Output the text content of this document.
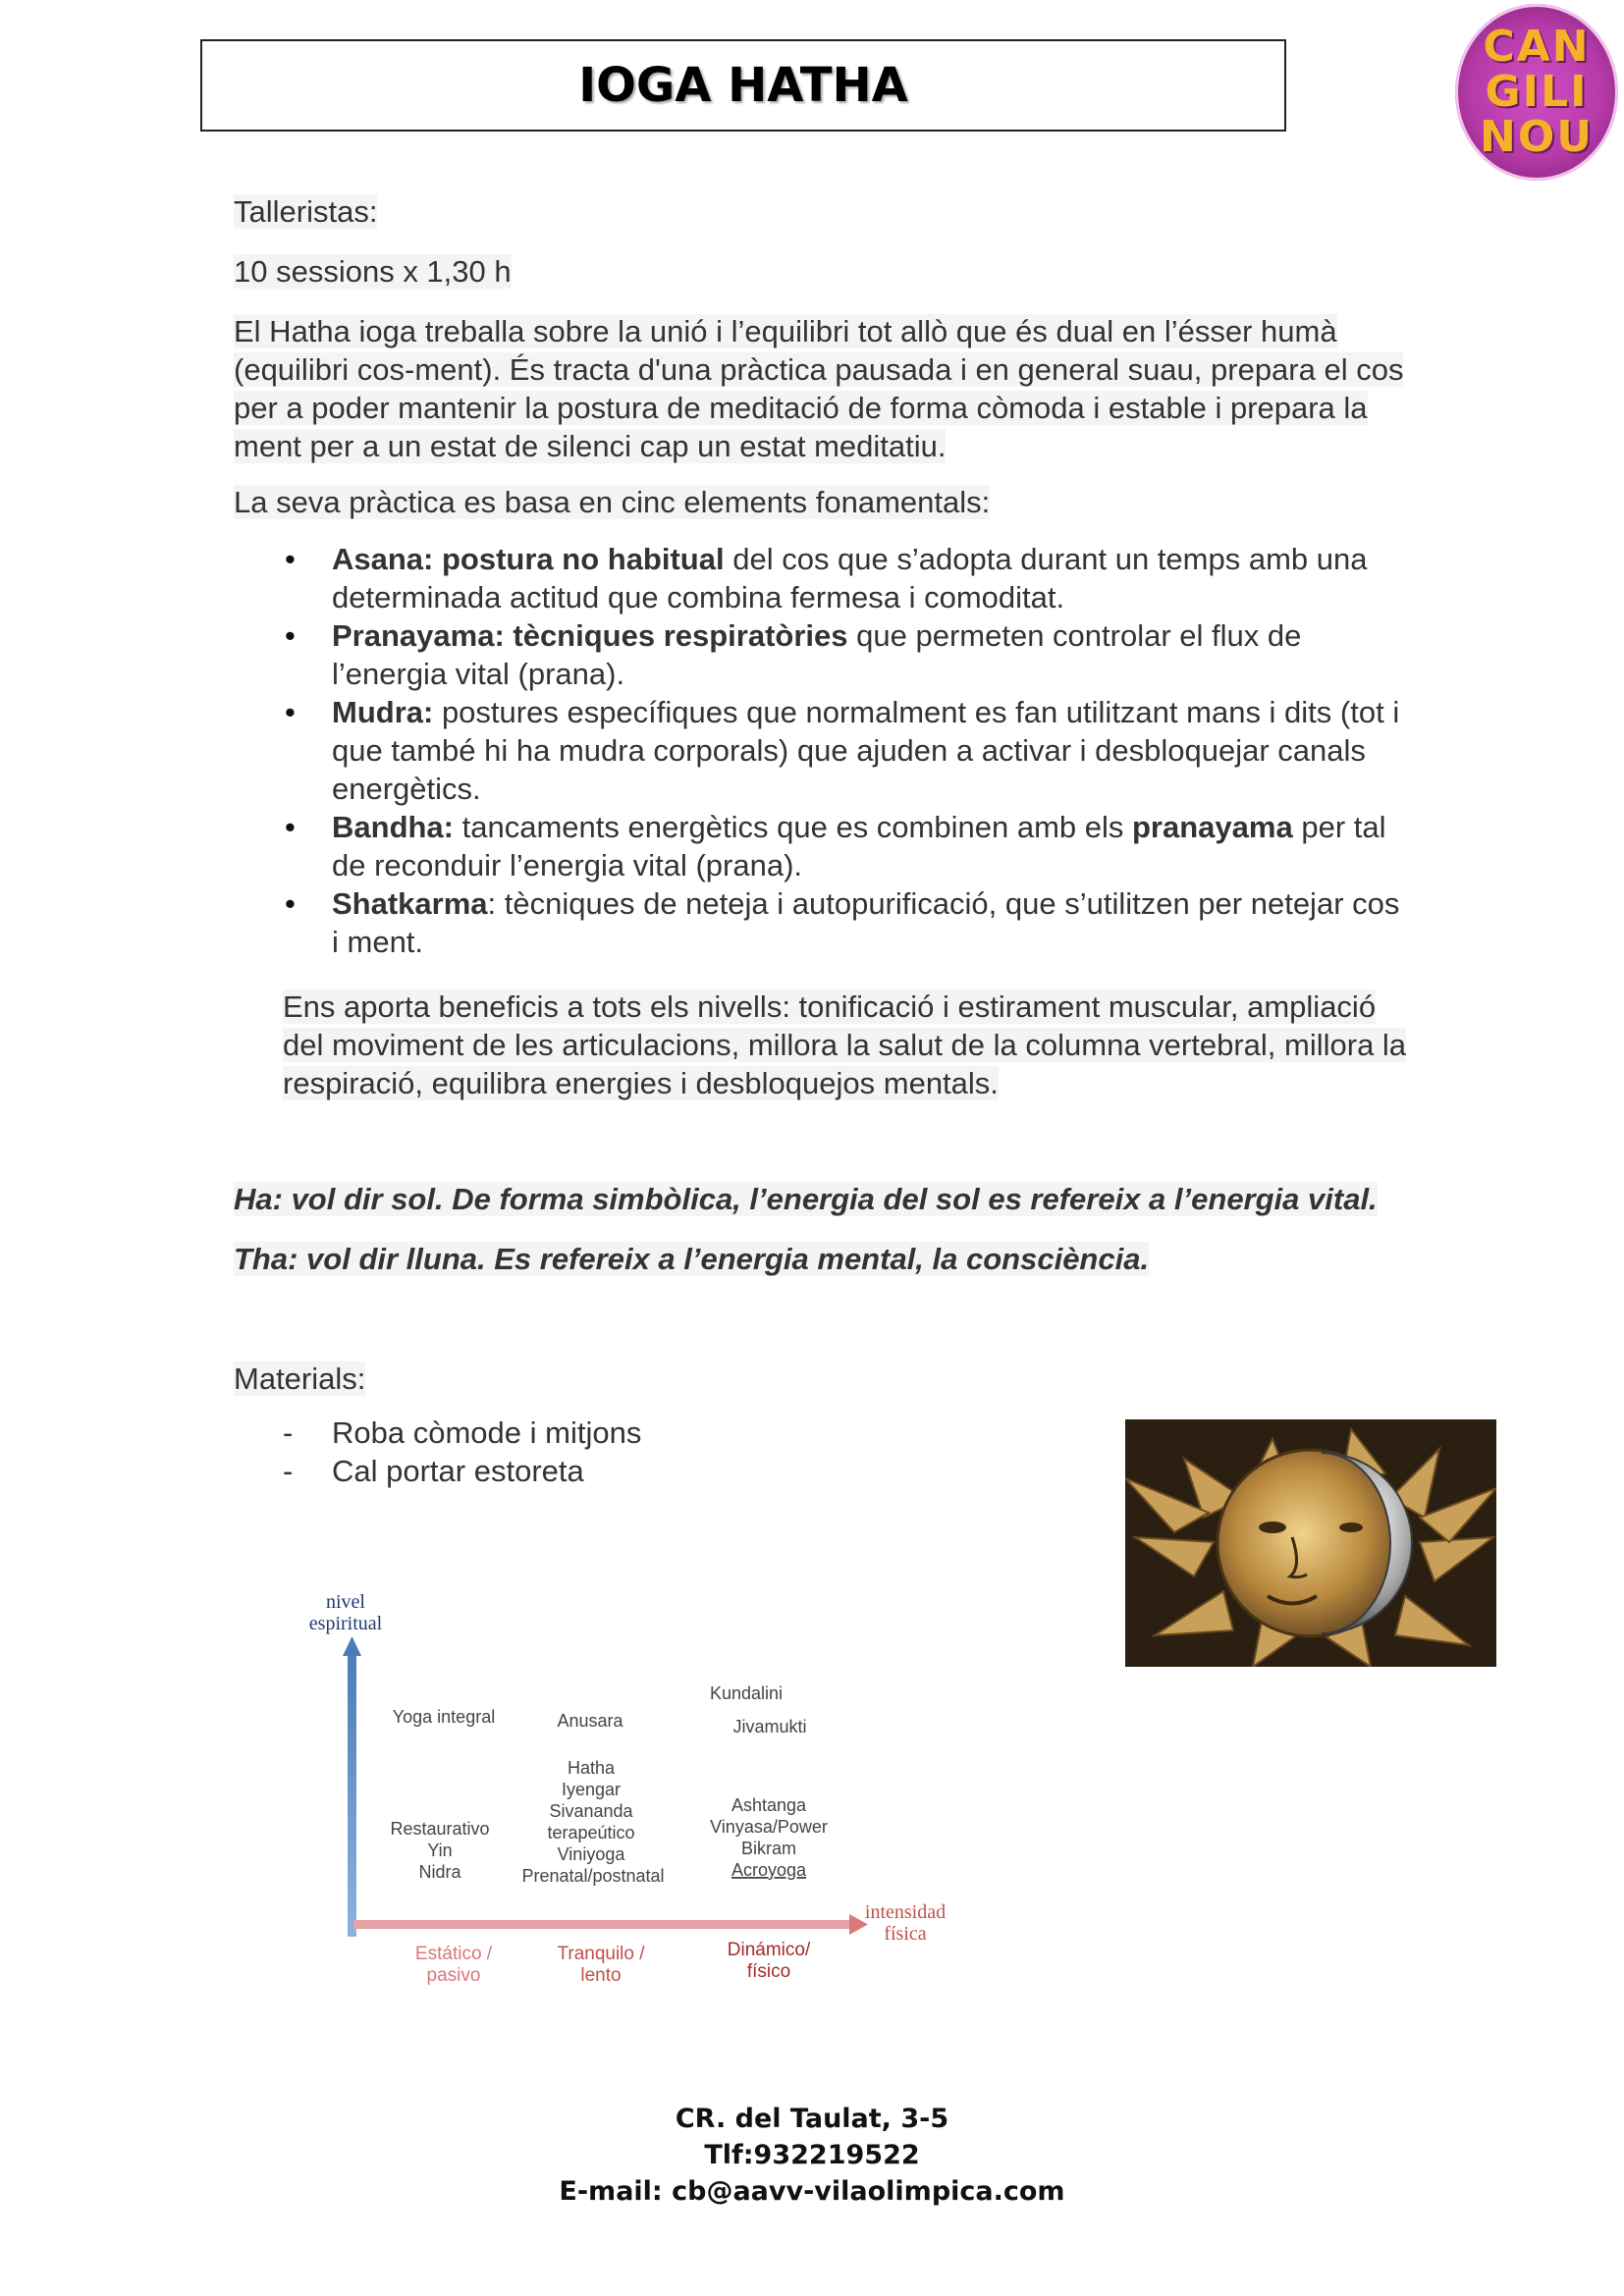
IOGA HATHA
CAN
GILI
NOU

Talleristas:

10 sessions x 1,30 h

El Hatha ioga treballa sobre la unió i l’equilibri tot allò que és dual en l’ésser humà
(equilibri cos-ment). És tracta d'una pràctica pausada i en general suau, prepara el cos
per a poder mantenir la postura de meditació de forma còmoda i estable i prepara la
ment per a un estat de silenci cap un estat meditatiu.

La seva pràctica es basa en cinc elements fonamentals:

• Asana: postura no habitual del cos que s’adopta durant un temps amb una determinada actitud que combina fermesa i comoditat.
• Pranayama: tècniques respiratòries que permeten controlar el flux de l’energia vital (prana).
• Mudra: postures específiques que normalment es fan utilitzant mans i dits (tot i que també hi ha mudra corporals) que ajuden a activar i desbloquejar canals energètics.
• Bandha: tancaments energètics que es combinen amb els pranayama per tal de reconduir l’energia vital (prana).
• Shatkarma: tècniques de neteja i autopurificació, que s’utilitzen per netejar cos i ment.
Ens aporta beneficis a tots els nivells: tonificació i estirament muscular, ampliació
del moviment de les articulacions, millora la salut de la columna vertebral, millora la
respiració, equilibra energies i desbloquejos mentals.

Ha: vol dir sol. De forma simbòlica, l’energia del sol es refereix a l’energia vital.

Tha: vol dir lluna. Es refereix a l’energia mental, la consciència.

Materials:

- Roba còmode i mitjons
- Cal portar estoreta
nivel
espiritual
intensidad
física
Yoga integral
Restaurativo
Yin
Nidra
Anusara
Hatha
Iyengar
Sivananda
terapeútico
Viniyoga
Prenatal/postnatal
Kundalini
Jivamukti
Ashtanga
Vinyasa/Power
Bikram
Acroyoga
Estático /
pasivo
Tranquilo /
lento
Dinámico/
físico
CR. del Taulat, 3-5
Tlf:932219522
E-mail: cb@aavv-vilaolimpica.com
